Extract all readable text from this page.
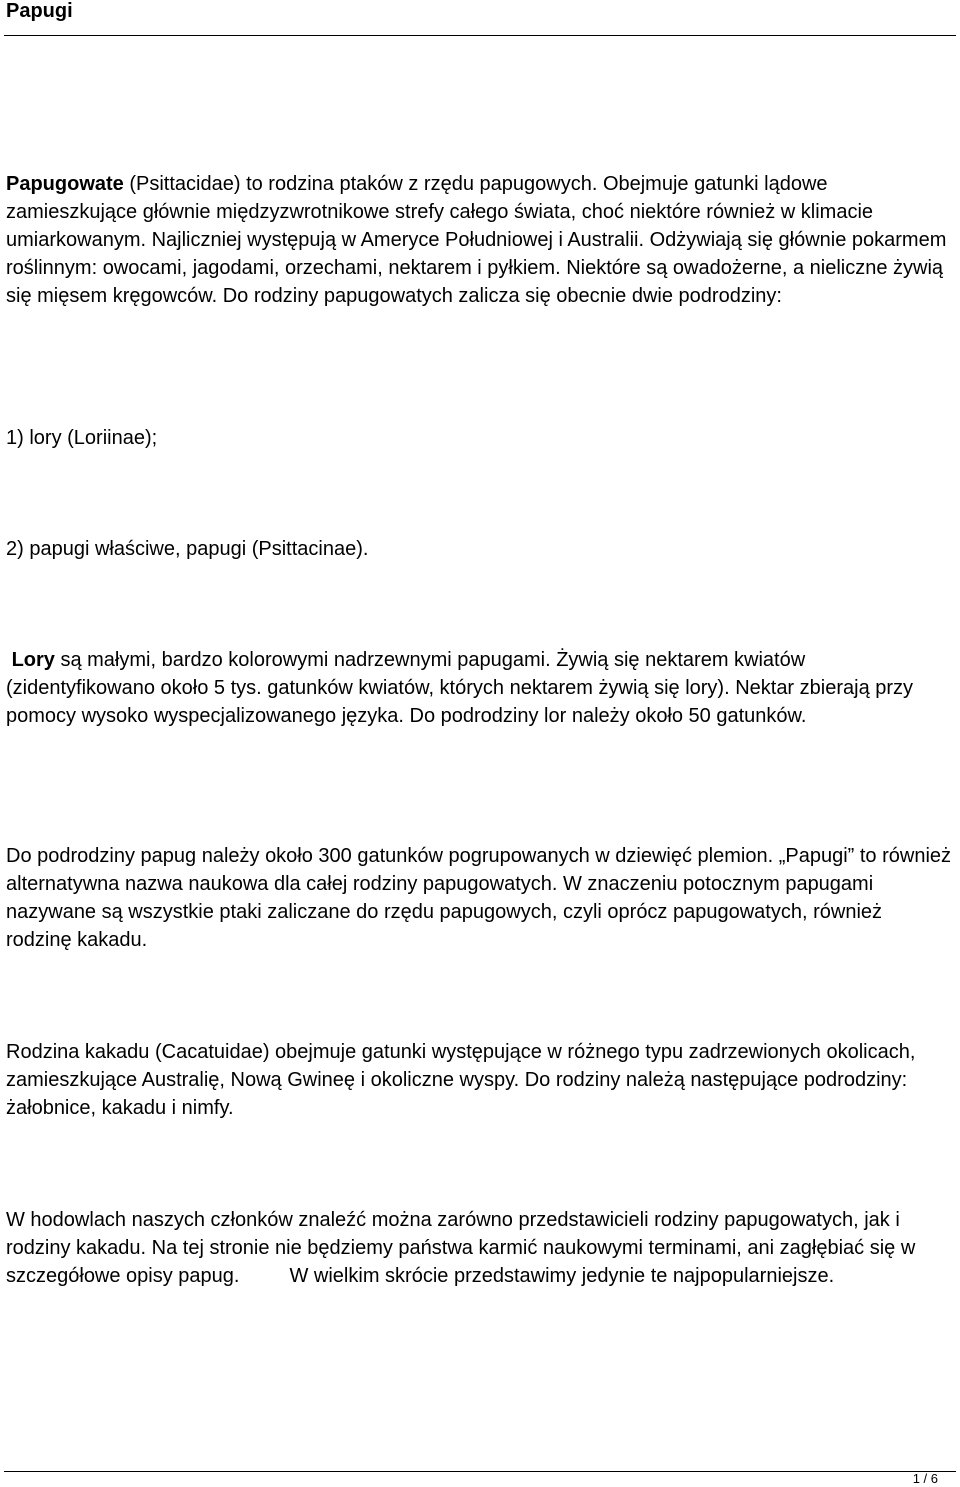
Papugi

Papugowate (Psittacidae) to rodzina ptaków z rzędu papugowych. Obejmuje gatunki lądowe zamieszkujące głównie międzyzwrotnikowe strefy całego świata, choć niektóre również w klimacie umiarkowanym. Najliczniej występują w Ameryce Południowej i Australii. Odżywiają się głównie pokarmem roślinnym: owocami, jagodami, orzechami, nektarem i pyłkiem. Niektóre są owadożerne, a nieliczne żywią się mięsem kręgowców. Do rodziny papugowatych zalicza się obecnie dwie podrodziny:

1) lory (Loriinae);

2) papugi właściwe, papugi (Psittacinae).

Lory są małymi, bardzo kolorowymi nadrzewnymi papugami. Żywią się nektarem kwiatów (zidentyfikowano około 5 tys. gatunków kwiatów, których nektarem żywią się lory). Nektar zbierają przy pomocy wysoko wyspecjalizowanego języka. Do podrodziny lor należy około 50 gatunków.

Do podrodziny papug należy około 300 gatunków pogrupowanych w dziewięć plemion. „Papugi” to również alternatywna nazwa naukowa dla całej rodziny papugowatych. W znaczeniu potocznym papugami nazywane są wszystkie ptaki zaliczane do rzędu papugowych, czyli oprócz papugowatych, również rodzinę kakadu.

Rodzina kakadu (Cacatuidae) obejmuje gatunki występujące w różnego typu zadrzewionych okolicach, zamieszkujące Australię, Nową Gwineę i okoliczne wyspy. Do rodziny należą następujące podrodziny: żałobnice, kakadu i nimfy.

W hodowlach naszych członków znaleźć można zarówno przedstawicieli rodziny papugowatych, jak i rodziny kakadu. Na tej stronie nie będziemy państwa karmić naukowymi terminami, ani zagłębiać się w szczegółowe opisy papug.         W wielkim skrócie przedstawimy jedynie te najpopularniejsze.

1 / 6
